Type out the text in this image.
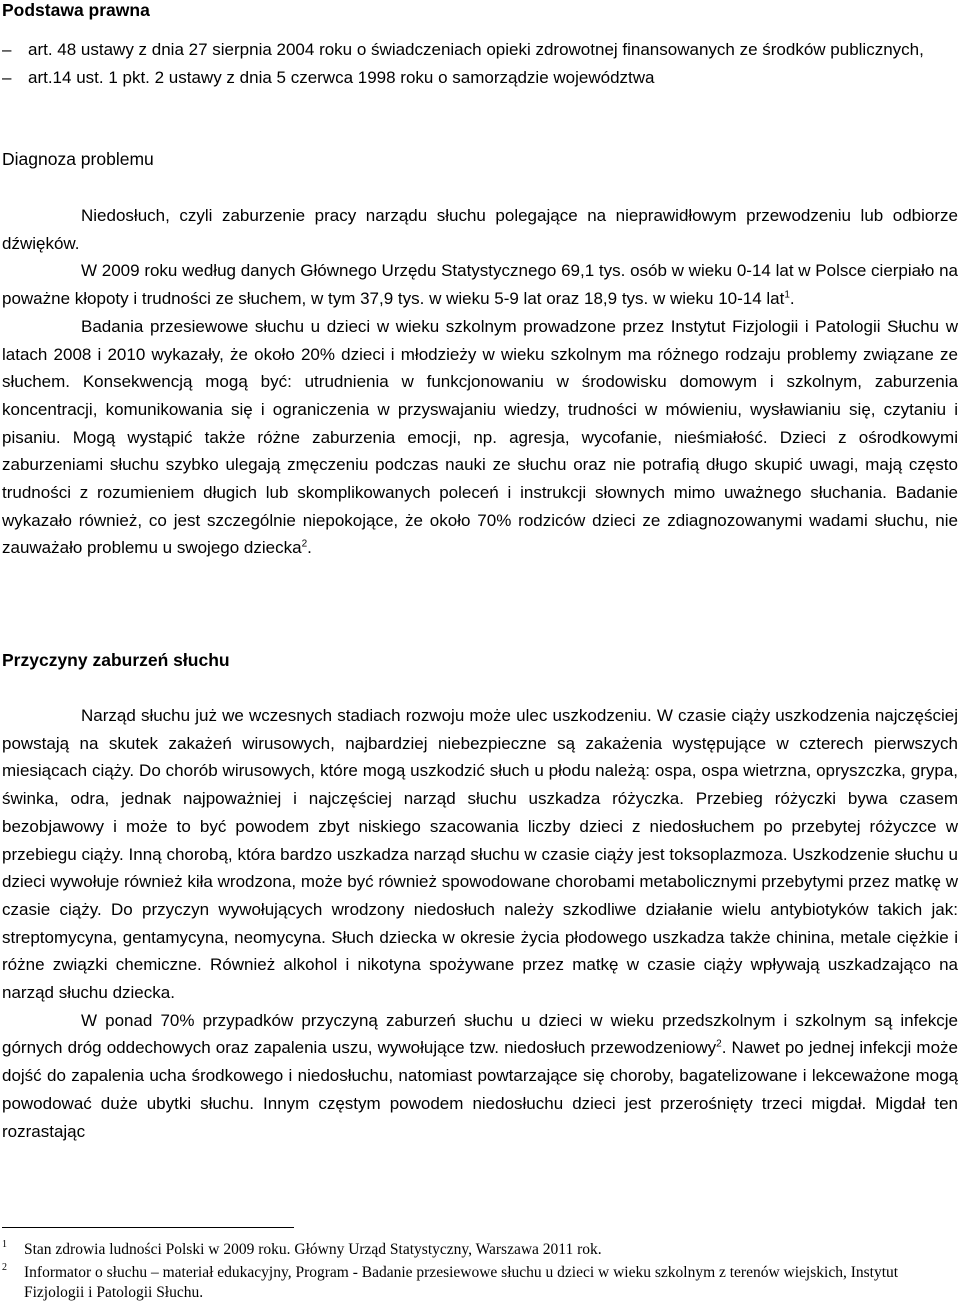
Podstawa prawna
– art. 48 ustawy z dnia 27 sierpnia 2004 roku o świadczeniach opieki zdrowotnej finansowanych ze środków publicznych,
– art.14 ust. 1 pkt. 2 ustawy z dnia 5 czerwca 1998 roku o samorządzie województwa
Diagnoza problemu

Niedosłuch, czyli zaburzenie pracy narządu słuchu polegające na nieprawidłowym przewodzeniu lub odbiorze dźwięków.

W 2009 roku według danych Głównego Urzędu Statystycznego 69,1 tys. osób w wieku 0-14 lat w Polsce cierpiało na poważne kłopoty i trudności ze słuchem, w tym 37,9 tys. w wieku 5-9 lat oraz 18,9 tys. w wieku 10-14 lat$^1$.

Badania przesiewowe słuchu u dzieci w wieku szkolnym prowadzone przez Instytut Fizjologii i Patologii Słuchu w latach 2008 i 2010 wykazały, że około 20% dzieci i młodzieży w wieku szkolnym ma różnego rodzaju problemy związane ze słuchem. Konsekwencją mogą być: utrudnienia w funkcjonowaniu w środowisku domowym i szkolnym, zaburzenia koncentracji, komunikowania się i ograniczenia w przyswajaniu wiedzy, trudności w mówieniu, wysławianiu się, czytaniu i pisaniu. Mogą wystąpić także różne zaburzenia emocji, np. agresja, wycofanie, nieśmiałość. Dzieci z ośrodkowymi zaburzeniami słuchu szybko ulegają zmęczeniu podczas nauki ze słuchu oraz nie potrafią długo skupić uwagi, mają często trudności z rozumieniem długich lub skomplikowanych poleceń i instrukcji słownych mimo uważnego słuchania. Badanie wykazało również, co jest szczególnie niepokojące, że około 70% rodziców dzieci ze zdiagnozowanymi wadami słuchu, nie zauważało problemu u swojego dziecka$^2$.

Przyczyny zaburzeń słuchu

Narząd słuchu już we wczesnych stadiach rozwoju może ulec uszkodzeniu. W czasie ciąży uszkodzenia najczęściej powstają na skutek zakażeń wirusowych, najbardziej niebezpieczne są zakażenia występujące w czterech pierwszych miesiącach ciąży. Do chorób wirusowych, które mogą uszkodzić słuch u płodu należą: ospa, ospa wietrzna, opryszczka, grypa, świnka, odra, jednak najpoważniej i najczęściej narząd słuchu uszkadza różyczka. Przebieg różyczki bywa czasem bezobjawowy i może to być powodem zbyt niskiego szacowania liczby dzieci z niedosłuchem po przebytej różyczce w przebiegu ciąży. Inną chorobą, która bardzo uszkadza narząd słuchu w czasie ciąży jest toksoplazmoza. Uszkodzenie słuchu u dzieci wywołuje również kiła wrodzona, może być również spowodowane chorobami metabolicznymi przebytymi przez matkę w czasie ciąży. Do przyczyn wywołujących wrodzony niedosłuch należy szkodliwe działanie wielu antybiotyków takich jak: streptomycyna, gentamycyna, neomycyna. Słuch dziecka w okresie życia płodowego uszkadza także chinina, metale ciężkie i różne związki chemiczne. Również alkohol i nikotyna spożywane przez matkę w czasie ciąży wpływają uszkadzająco na narząd słuchu dziecka.

W ponad 70% przypadków przyczyną zaburzeń słuchu u dzieci w wieku przedszkolnym i szkolnym są infekcje górnych dróg oddechowych oraz zapalenia uszu, wywołujące tzw. niedosłuch przewodzeniowy$^2$. Nawet po jednej infekcji może dojść do zapalenia ucha środkowego i niedosłuchu, natomiast powtarzające się choroby, bagatelizowane i lekceważone mogą powodować duże ubytki słuchu. Innym częstym powodem niedosłuchu dzieci jest przerośnięty trzeci migdał. Migdał ten rozrastając

1 Stan zdrowia ludności Polski w 2009 roku. Główny Urząd Statystyczny, Warszawa 2011 rok.

2 Informator o słuchu – materiał edukacyjny, Program - Badanie przesiewowe słuchu u dzieci w wieku szkolnym z terenów wiejskich, Instytut Fizjologii i Patologii Słuchu.
